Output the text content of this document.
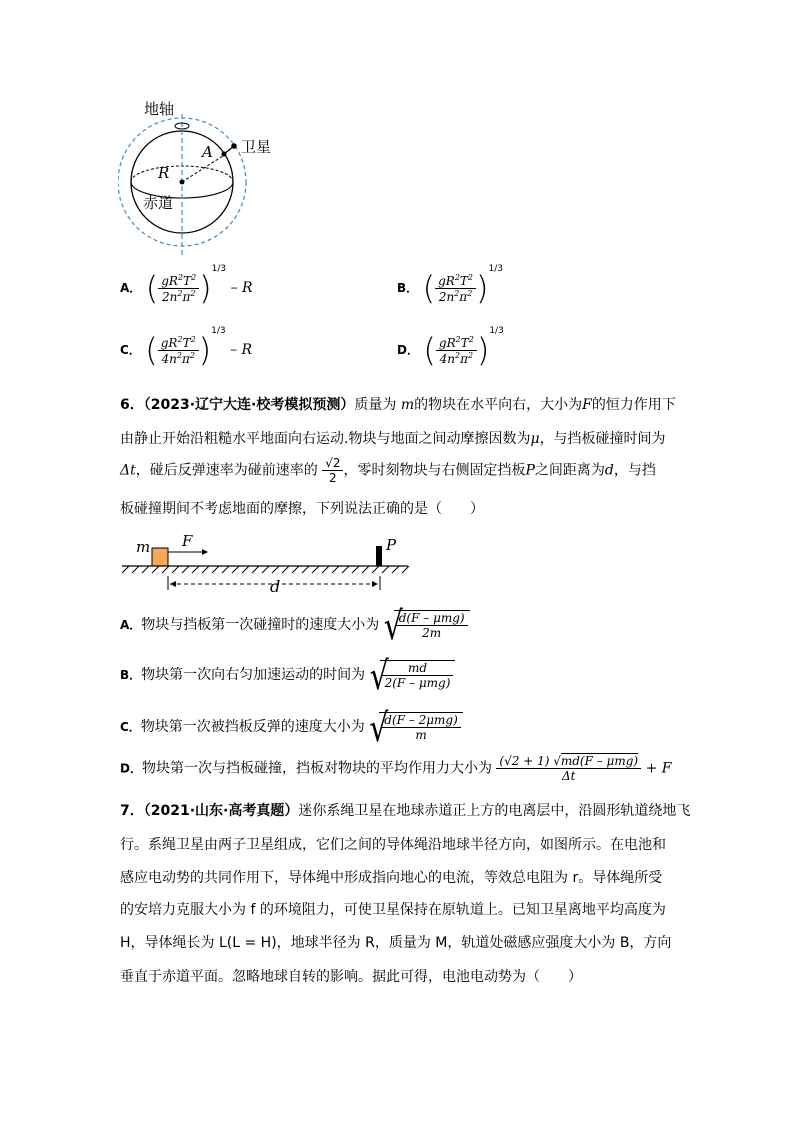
地轴
卫星
A
R
赤道
A． ( $\frac{gR^2T^2}{2n^2\pi^2} )^{1/3}$ – R	B． ( $\frac{gR^2T^2}{2n^2\pi^2} )^{1/3}$
C． ( $\frac{gR^2T^2}{4n^2\pi^2} )^{1/3}$ – R	D． ( $\frac{gR^2T^2}{4n^2\pi^2} )^{1/3}$
6．（2023·辽宁大连·校考模拟预测）质量为 m的物块在水平向右，大小为F的恒力作用下
由静止开始沿粗糙水平地面向右运动.物块与地面之间动摩擦因数为μ，与挡板碰撞时间为
Δt，碰后反弹速率为碰前速率的 $\frac{√2}{2}$ ，零时刻物块与右侧固定挡板P之间距离为d，与挡
板碰撞期间不考虑地面的摩擦，下列说法正确的是（　　）
m F	P
d
A．物块与挡板第一次碰撞时的速度大小为 √
$\frac{\text{d(F – μmg)}}{2m}$
B．物块第一次向右匀加速运动的时间为 √
$\frac{md}{\text{2(F – μmg)}}$
C．物块第一次被挡板反弹的速度大小为 √
$\frac{\text{d(F – 2μmg)}}{m}$
D．物块第一次与挡板碰撞，挡板对物块的平均作用力大小为 $\frac{\text{(√2 + 1) √md(F – μmg)}}{\Delta t} + F$
7．（2021·山东·高考真题）迷你系绳卫星在地球赤道正上方的电离层中，沿圆形轨道绕地飞
行。系绳卫星由两子卫星组成，它们之间的导体绳沿地球半径方向，如图所示。在电池和
感应电动势的共同作用下，导体绳中形成指向地心的电流，等效总电阻为 r。导体绳所受
的安培力克服大小为 f 的环境阻力，可使卫星保持在原轨道上。已知卫星离地平均高度为
H，导体绳长为 L(L = H)，地球半径为 R，质量为 M，轨道处磁感应强度大小为 B，方向
垂直于赤道平面。忽略地球自转的影响。据此可得，电池电动势为（　　）
